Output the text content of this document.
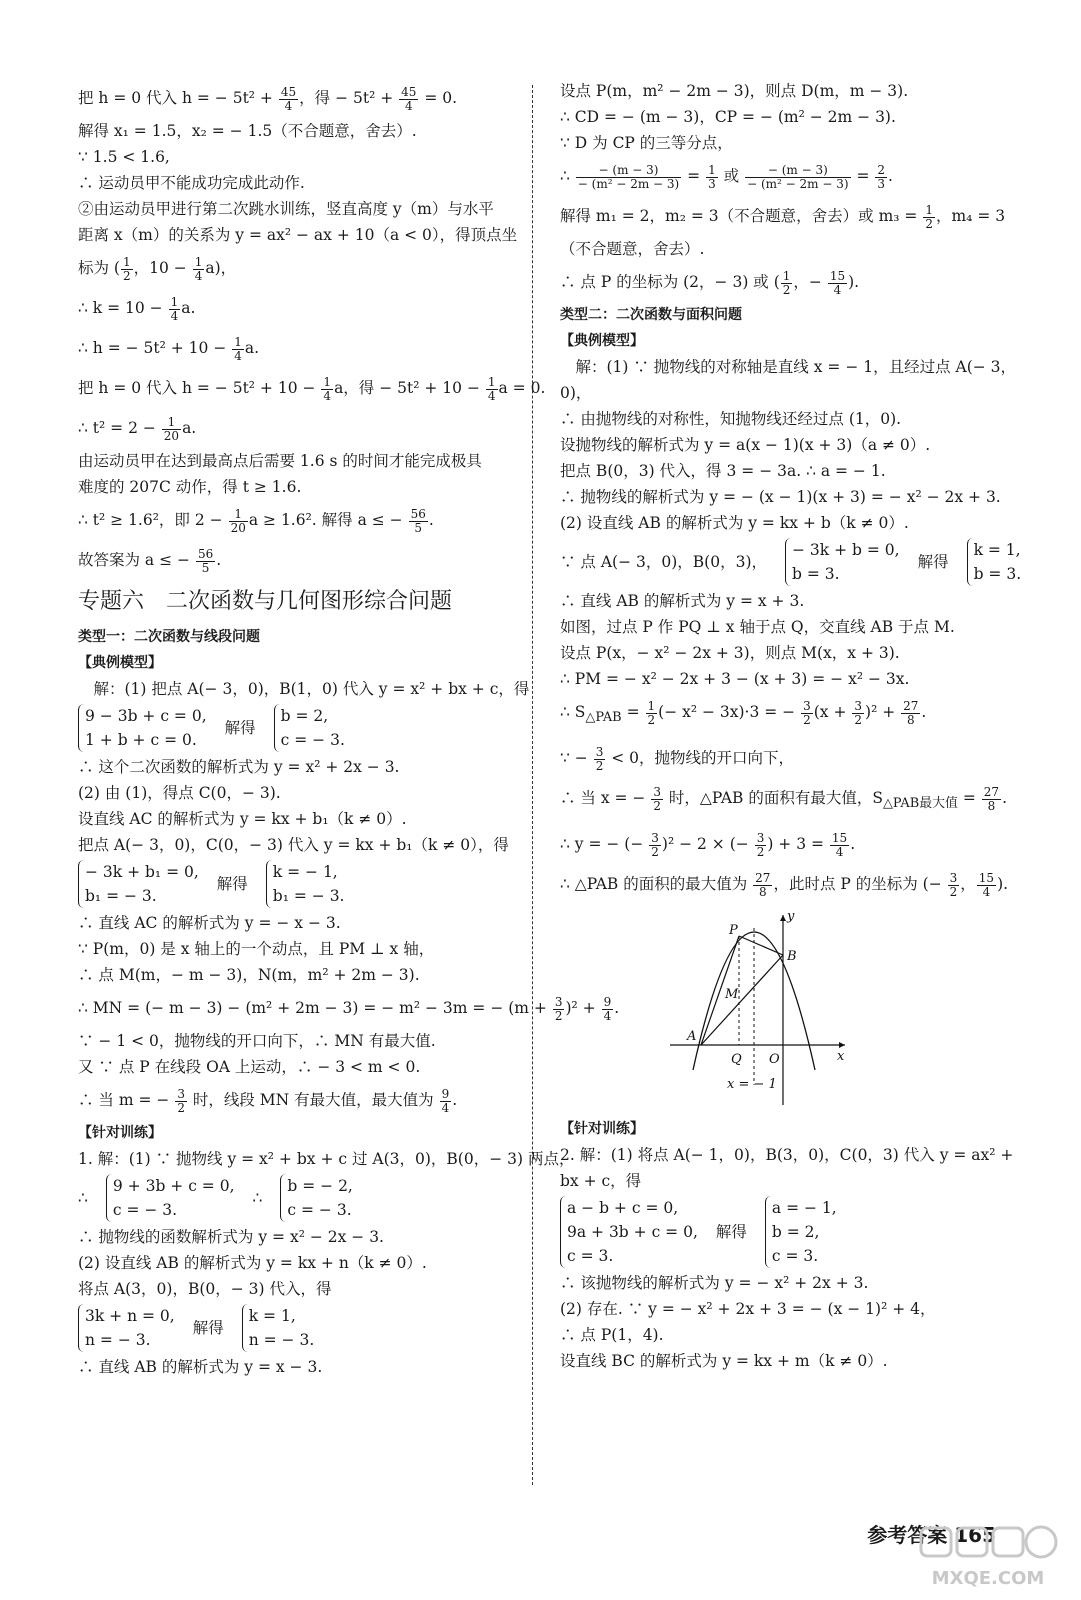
把 h = 0 代入 h = − $5t^2 + \frac{45}{4}$ ，得 − $5t^2 + \frac{45}{4} = 0$.
解得 x₁ = 1.5，x₂ = − 1.5（不合题意，舍去）.
∵ 1.5 < 1.6,
∴ 运动员甲不能成功完成此动作.
②由运动员甲进行第二次跳水训练，竖直高度 y（m）与水平
距离 x（m）的关系为 y = ax² − ax + 10（a < 0），得顶点坐
标为 ( $\frac{1}{2}$ ，$10 - \frac{1}{4} a$)，
∴ $k = 10 - \frac{1}{4} a$.
∴ h = − $5t^2 + 10 - \frac{1}{4} a$.
把 h = 0 代入 h = − $5t^2 + 10 - \frac{1}{4}$ a，得 − $5t^2 + 10 - \frac{1}{4}$ a = 0.
∴ $t^2 = 2 - \frac{1}{20} a$.
由运动员甲在达到最高点后需要 1.6 s 的时间才能完成极具
难度的 207C 动作，得 t ≥ 1.6.
∴ t² ≥ 1.6²，即 $2 - \frac{1}{20}$ a ≥ 1.6². 解得 a ≤ − $\frac{56}{5}$ .
故答案为 a ≤ − $\frac{56}{5}$ .
专题六　二次函数与几何图形综合问题
类型一：二次函数与线段问题
【典例模型】
　解：(1) 把点 A(− 3，0)，B(1，0) 代入 y = x² + bx + c，得
9 − 3b + c = 0,
1 + b + c = 0.
解得
b = 2,
c = − 3.
∴ 这个二次函数的解析式为 y = x² + 2x − 3.
(2) 由 (1)，得点 C(0，− 3).
设直线 AC 的解析式为 y = kx + b₁（k ≠ 0）.
把点 A(− 3，0)，C(0，− 3) 代入 y = kx + b₁（k ≠ 0），得
− 3k + b₁ = 0,
b₁ = − 3.
解得
k = − 1,
b₁ = − 3.
∴ 直线 AC 的解析式为 y = − x − 3.
∵ P(m，0) 是 x 轴上的一个动点，且 PM ⊥ x 轴，
∴ 点 M(m，− m − 3)，N(m，m² + 2m − 3).
∴ MN = (− m − 3) − (m² + 2m − 3) = − m² − 3m = − $(m + \frac{3}{2} )^2 + \frac{9}{4}$ .
∵ − 1 < 0，抛物线的开口向下，∴ MN 有最大值.
又 ∵ 点 P 在线段 OA 上运动，∴ − 3 < m < 0.
∴ 当 m = − $\frac{3}{2}$ 时，线段 MN 有最大值，最大值为 $\frac{9}{4}$ .
【针对训练】
1. 解：(1) ∵ 抛物线 y = x² + bx + c 过 A(3，0)，B(0，− 3) 两点，
∴
9 + 3b + c = 0,
c = − 3.
∴
b = − 2,
c = − 3.
∴ 抛物线的函数解析式为 y = x² − 2x − 3.
(2) 设直线 AB 的解析式为 y = kx + n（k ≠ 0）.
将点 A(3，0)，B(0，− 3) 代入，得
3k + n = 0,
n = − 3.
解得
k = 1,
n = − 3.
∴ 直线 AB 的解析式为 y = x − 3.
设点 P(m，m² − 2m − 3)，则点 D(m，m − 3).
∴ CD = − (m − 3)，CP = − (m² − 2m − 3).
∵ D 为 CP 的三等分点，
∴ $\frac{- (m - 3)}{\text{− (m² − 2m − 3)}} = \frac{1}{3}$ 或 $\frac{- (m - 3)}{\text{− (m² − 2m − 3)}} = \frac{2}{3}$ .
解得 m₁ = 2，m₂ = 3（不合题意，舍去）或 $m_3 = \frac{1}{2}$ ，m₄ = 3
（不合题意，舍去）.
∴ 点 P 的坐标为 (2，− 3) 或 ( $\frac{1}{2}$ ，− $\frac{15}{4}$ ).
类型二：二次函数与面积问题
【典例模型】
　解：(1) ∵ 抛物线的对称轴是直线 x = − 1，且经过点 A(− 3，
0)，
∴ 由抛物线的对称性，知抛物线还经过点 (1，0).
设抛物线的解析式为 y = a(x − 1)(x + 3)（a ≠ 0）.
把点 B(0，3) 代入，得 3 = − 3a. ∴ a = − 1.
∴ 抛物线的解析式为 y = − (x − 1)(x + 3) = − x² − 2x + 3.
(2) 设直线 AB 的解析式为 y = kx + b（k ≠ 0）.
∵ 点 A(− 3，0)，B(0，3)，
− 3k + b = 0,
b = 3.
解得
k = 1,
b = 3.
∴ 直线 AB 的解析式为 y = x + 3.
如图，过点 P 作 PQ ⊥ x 轴于点 Q，交直线 AB 于点 M.
设点 P(x，− x² − 2x + 3)，则点 M(x，x + 3).
∴ PM = − x² − 2x + 3 − (x + 3) = − x² − 3x.
∴ $S_{\triangle PAB} = \frac{1}{2}$ (− x² − 3x)·3 = − $\frac{3}{2} (x + \frac{3}{2} )^2 + \frac{27}{8}$ .
∵ − $\frac{3}{2} < 0$，抛物线的开口向下，
∴ 当 x = − $\frac{3}{2}$ 时，△PAB 的面积有最大值，$S_{\triangle PAB最大值} = \frac{27}{8}$ .
∴ y = − (− $\frac{3}{2} )^2 - 2$ × (− $\frac{3}{2}$ ) + $3 = \frac{15}{4}$ .
∴ △PAB 的面积的最大值为 $\frac{27}{8}$ ，此时点 P 的坐标为 (− $\frac{3}{2}$ ， $\frac{15}{4}$ ).
y
x
P
B
M
A
Q O
x = − 1
【针对训练】
2. 解：(1) 将点 A(− 1，0)，B(3，0)，C(0，3) 代入 y = ax² +
bx + c，得
a − b + c = 0,
9a + 3b + c = 0,
c = 3.
解得
a = − 1,
b = 2,
c = 3.
∴ 该抛物线的解析式为 y = − x² + 2x + 3.
(2) 存在. ∵ y = − x² + 2x + 3 = − (x − 1)² + 4，
∴ 点 P(1，4).
设直线 BC 的解析式为 y = kx + m（k ≠ 0）.
参考答案 165
MXQE.COM
